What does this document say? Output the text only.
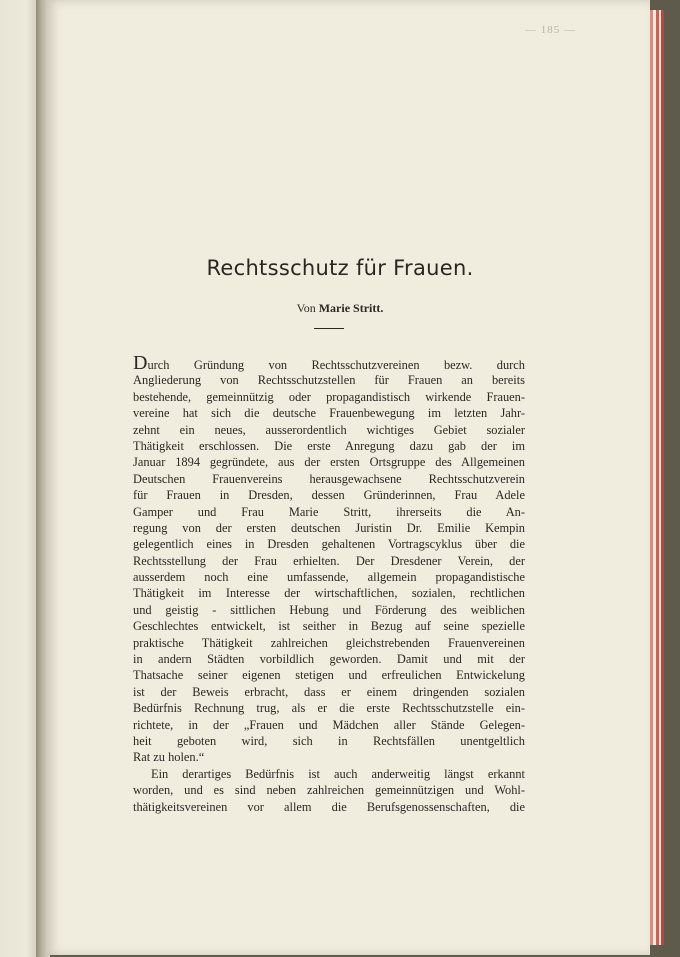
— 185 —
Rechtsschutz für Frauen.
Von Marie Stritt.
Durch Gründung von Rechtsschutzvereinen bezw. durch
Angliederung von Rechtsschutzstellen für Frauen an bereits
bestehende, gemeinnützig oder propagandistisch wirkende Frauen-
vereine hat sich die deutsche Frauenbewegung im letzten Jahr-
zehnt ein neues, ausserordentlich wichtiges Gebiet sozialer
Thätigkeit erschlossen. Die erste Anregung dazu gab der im
Januar 1894 gegründete, aus der ersten Ortsgruppe des Allgemeinen
Deutschen Frauenvereins herausgewachsene Rechtsschutzverein
für Frauen in Dresden, dessen Gründerinnen, Frau Adele
Gamper und Frau Marie Stritt, ihrerseits die An-
regung von der ersten deutschen Juristin Dr. Emilie Kempin
gelegentlich eines in Dresden gehaltenen Vortragscyklus über die
Rechtsstellung der Frau erhielten. Der Dresdener Verein, der
ausserdem noch eine umfassende, allgemein propagandistische
Thätigkeit im Interesse der wirtschaftlichen, sozialen, rechtlichen
und geistig - sittlichen Hebung und Förderung des weiblichen
Geschlechtes entwickelt, ist seither in Bezug auf seine spezielle
praktische Thätigkeit zahlreichen gleichstrebenden Frauenvereinen
in andern Städten vorbildlich geworden. Damit und mit der
Thatsache seiner eigenen stetigen und erfreulichen Entwickelung
ist der Beweis erbracht, dass er einem dringenden sozialen
Bedürfnis Rechnung trug, als er die erste Rechtsschutzstelle ein-
richtete, in der „Frauen und Mädchen aller Stände Gelegen-
heit geboten wird, sich in Rechtsfällen unentgeltlich
Rat zu holen.“
Ein derartiges Bedürfnis ist auch anderweitig längst erkannt
worden, und es sind neben zahlreichen gemeinnützigen und Wohl-
thätigkeitsvereinen vor allem die Berufsgenossenschaften, die
